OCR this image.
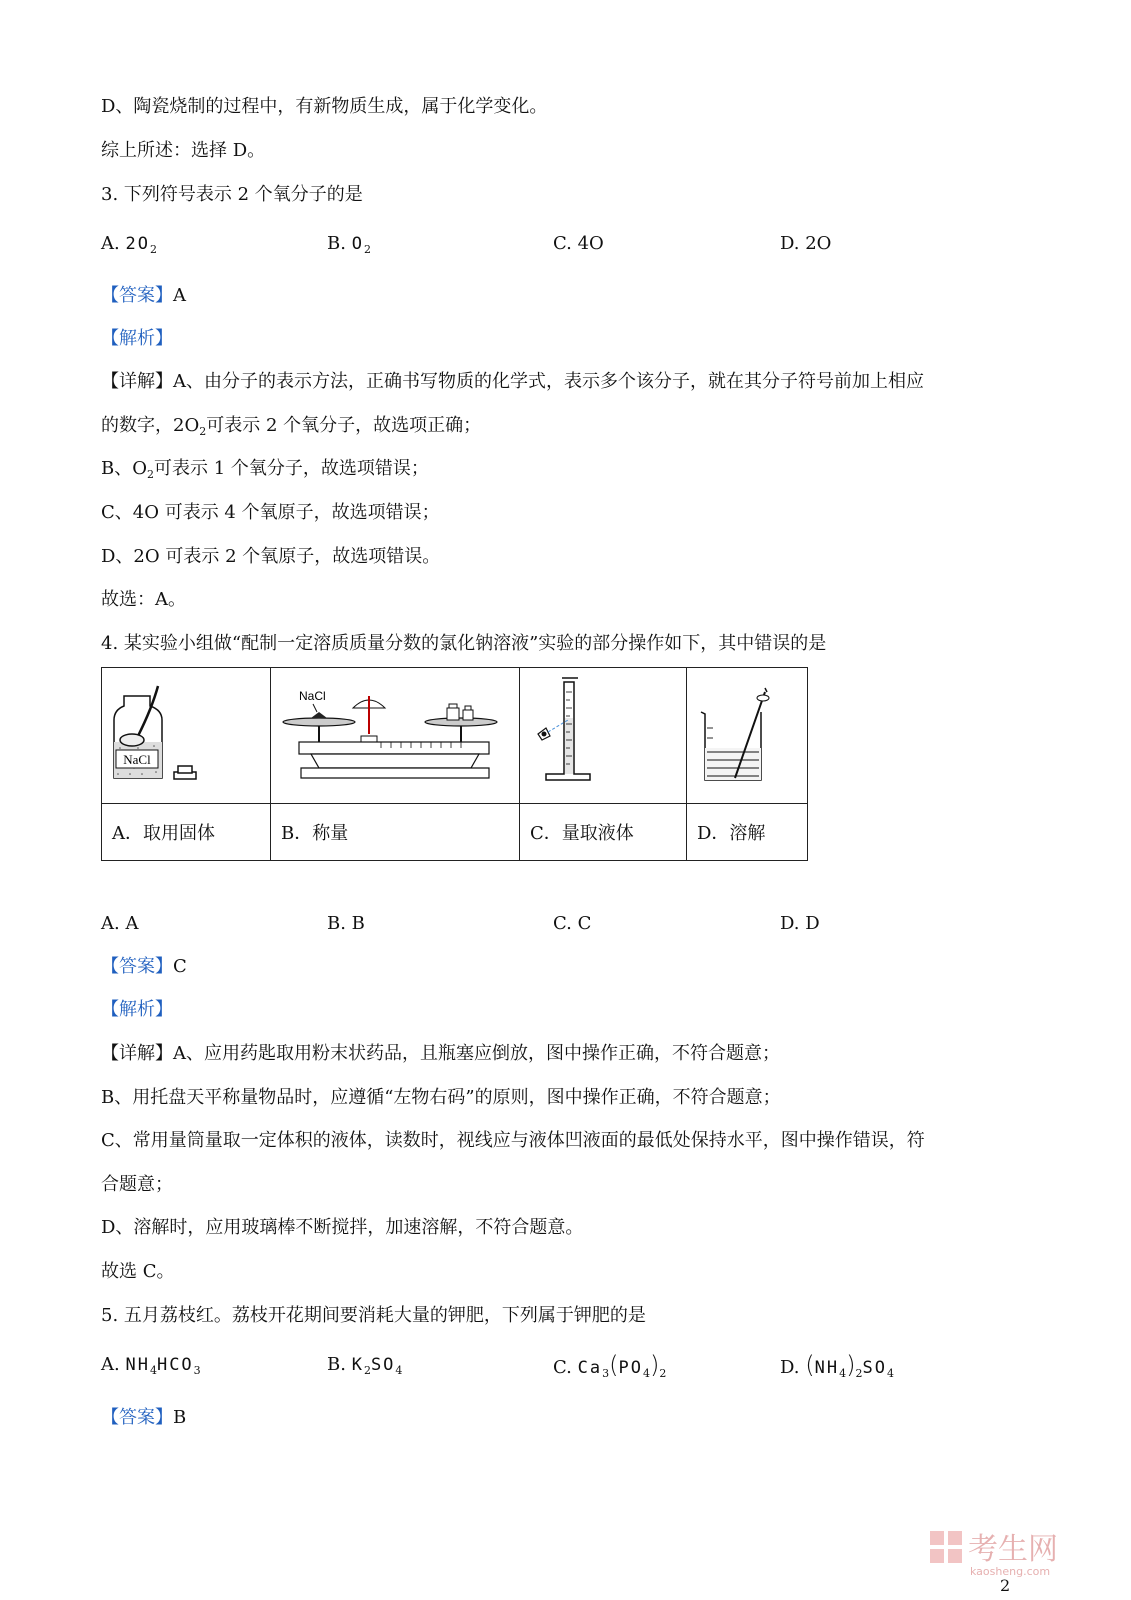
D、陶瓷烧制的过程中，有新物质生成，属于化学变化。
综上所述：选择 D。
3. 下列符号表示 2 个氧分子的是
A. $2O_2$	B. $O_2$	C. 4O	D. 2O
【答案】A
【解析】
【详解】A、由分子的表示方法，正确书写物质的化学式，表示多个该分子，就在其分子符号前加上相应
的数字，$2O_2$可表示 2 个氧分子，故选项正确；
B、$O_2$可表示 1 个氧分子，故选项错误；
C、4O 可表示 4 个氧原子，故选项错误；
D、2O 可表示 2 个氧原子，故选项错误。
故选：A。
4. 某实验小组做“配制一定溶质质量分数的氯化钠溶液”实验的部分操作如下，其中错误的是
NaCl	NaCl

A．取用固体	B．称量	C．量取液体	D．溶解
A. A	B. B	C. C	D. D
【答案】C
【解析】
【详解】A、应用药匙取用粉末状药品，且瓶塞应倒放，图中操作正确，不符合题意；
B、用托盘天平称量物品时，应遵循“左物右码”的原则，图中操作正确，不符合题意；
C、常用量筒量取一定体积的液体，读数时，视线应与液体凹液面的最低处保持水平，图中操作错误，符
合题意；
D、溶解时，应用玻璃棒不断搅拌，加速溶解，不符合题意。
故选 C。
5. 五月荔枝红。荔枝开花期间要消耗大量的钾肥，下列属于钾肥的是
A. $NH_4HCO_3$	B. $K_2SO_4$	C. $Ca_3(PO_4)_2$	D. $(NH_4)_2SO_4$
【答案】B
考生网
kaosheng.com
2
